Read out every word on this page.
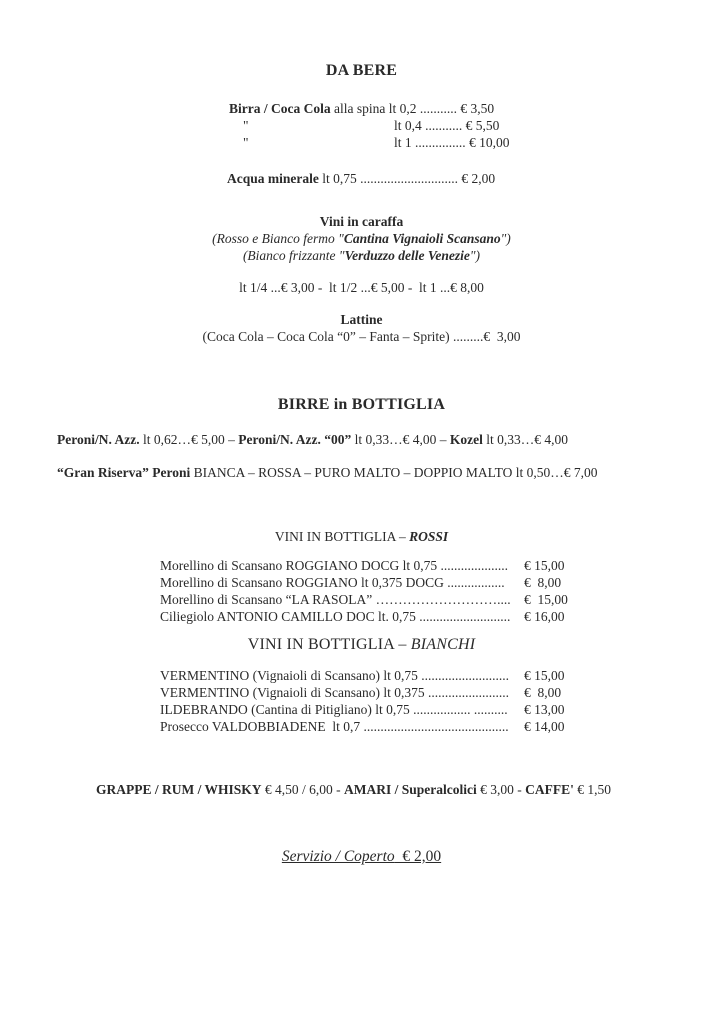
DA BERE
Birra / Coca Cola alla spina lt 0,2 ........... € 3,50
"	lt 0,4 ........... € 5,50
"	lt 1 ............... € 10,00
Acqua minerale lt 0,75 ............................. € 2,00
Vini in caraffa
(Rosso e Bianco fermo "Cantina Vignaioli Scansano")
(Bianco frizzante "Verduzzo delle Venezie")
lt 1/4 ...€ 3,00 -  lt 1/2 ...€ 5,00 -  lt 1 ...€ 8,00
Lattine
(Coca Cola – Coca Cola “0” – Fanta – Sprite) .........€  3,00
BIRRE in BOTTIGLIA
Peroni/N. Azz. lt 0,62…€ 5,00 – Peroni/N. Azz. “00” lt 0,33…€ 4,00 – Kozel lt 0,33…€ 4,00
“Gran Riserva” Peroni BIANCA – ROSSA – PURO MALTO – DOPPIO MALTO lt 0,50…€ 7,00
VINI IN BOTTIGLIA – ROSSI
Morellino di Scansano ROGGIANO DOCG lt 0,75 .................... € 15,00
Morellino di Scansano ROGGIANO lt 0,375 DOCG ................. €  8,00
Morellino di Scansano “LA RASOLA” ……………………….... €  15,00
Ciliegiolo ANTONIO CAMILLO DOC lt. 0,75 ........................... € 16,00
VINI IN BOTTIGLIA – BIANCHI
VERMENTINO (Vignaioli di Scansano) lt 0,75 .......................... € 15,00
VERMENTINO (Vignaioli di Scansano) lt 0,375 ........................ €  8,00
ILDEBRANDO (Cantina di Pitigliano) lt 0,75 ................. .......... € 13,00
Prosecco VALDOBBIADENE  lt 0,7 ........................................... € 14,00
GRAPPE / RUM / WHISKY € 4,50 / 6,00 - AMARI / Superalcolici € 3,00 - CAFFE' € 1,50
Servizio / Coperto  € 2,00
